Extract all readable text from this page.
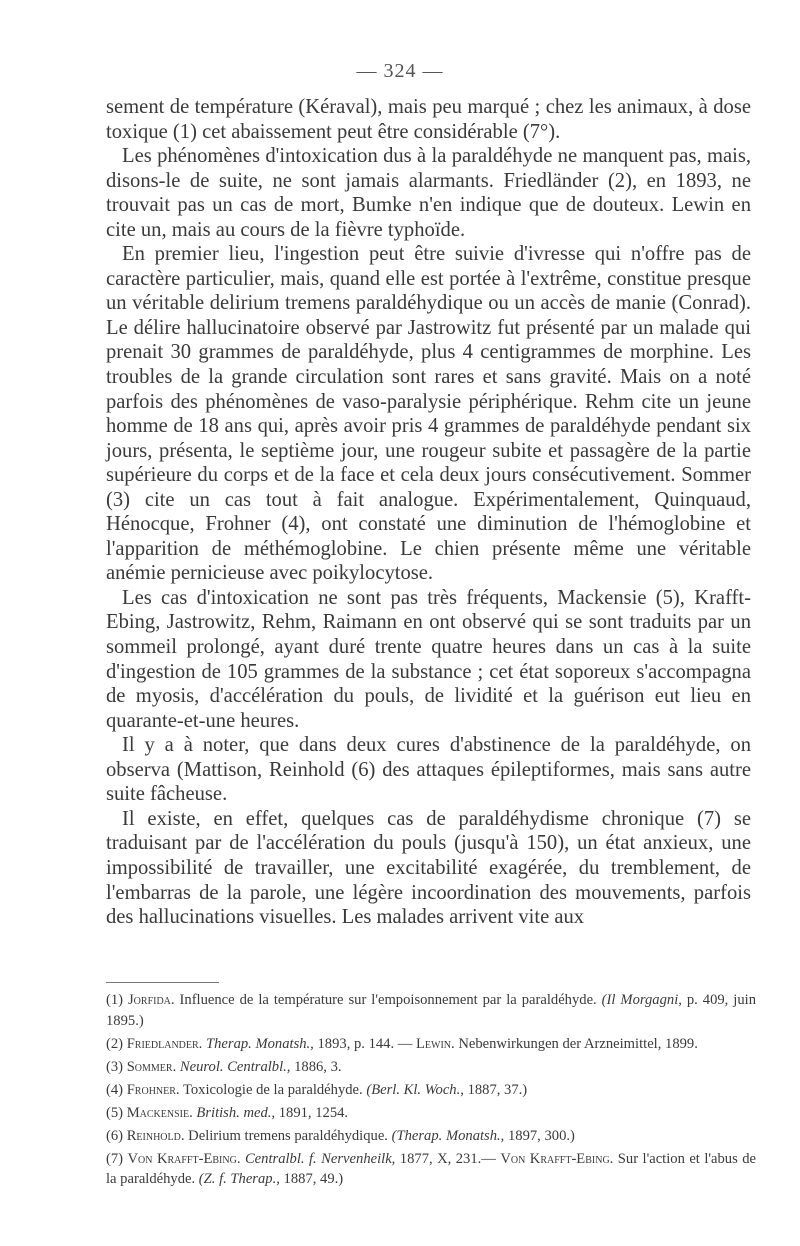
— 324 —

sement de température (Kéraval), mais peu marqué ; chez les animaux, à dose toxique (1) cet abaissement peut être considérable (7°).

Les phénomènes d'intoxication dus à la paraldéhyde ne manquent pas, mais, disons-le de suite, ne sont jamais alarmants. Friedländer (2), en 1893, ne trouvait pas un cas de mort, Bumke n'en indique que de douteux. Lewin en cite un, mais au cours de la fièvre typhoïde.

En premier lieu, l'ingestion peut être suivie d'ivresse qui n'offre pas de caractère particulier, mais, quand elle est portée à l'extrême, constitue presque un véritable delirium tremens paraldéhydique ou un accès de manie (Conrad). Le délire hallucinatoire observé par Jastrowitz fut présenté par un malade qui prenait 30 grammes de paraldéhyde, plus 4 centigrammes de morphine. Les troubles de la grande circulation sont rares et sans gravité. Mais on a noté parfois des phénomènes de vaso-paralysie périphérique. Rehm cite un jeune homme de 18 ans qui, après avoir pris 4 grammes de paraldéhyde pendant six jours, présenta, le septième jour, une rougeur subite et passagère de la partie supérieure du corps et de la face et cela deux jours consécutivement. Sommer (3) cite un cas tout à fait analogue. Expérimentalement, Quinquaud, Hénocque, Frohner (4), ont constaté une diminution de l'hémoglobine et l'apparition de méthémoglobine. Le chien présente même une véritable anémie pernicieuse avec poikylocytose.

Les cas d'intoxication ne sont pas très fréquents, Mackensie (5), Krafft-Ebing, Jastrowitz, Rehm, Raimann en ont observé qui se sont traduits par un sommeil prolongé, ayant duré trente quatre heures dans un cas à la suite d'ingestion de 105 grammes de la substance ; cet état soporeux s'accompagna de myosis, d'accélération du pouls, de lividité et la guérison eut lieu en quarante-et-une heures.

Il y a à noter, que dans deux cures d'abstinence de la paraldéhyde, on observa (Mattison, Reinhold (6) des attaques épileptiformes, mais sans autre suite fâcheuse.

Il existe, en effet, quelques cas de paraldéhydisme chronique (7) se traduisant par de l'accélération du pouls (jusqu'à 150), un état anxieux, une impossibilité de travailler, une excitabilité exagérée, du tremblement, de l'embarras de la parole, une légère incoordination des mouvements, parfois des hallucinations visuelles. Les malades arrivent vite aux

(1) Jorfida. Influence de la température sur l'empoisonnement par la paraldéhyde. (Il Morgagni, p. 409, juin 1895.)

(2) Friedlander. Therap. Monatsh., 1893, p. 144. — Lewin. Nebenwirkungen der Arzneimittel, 1899.

(3) Sommer. Neurol. Centralbl., 1886, 3.

(4) Frohner. Toxicologie de la paraldéhyde. (Berl. Kl. Woch., 1887, 37.)

(5) Mackensie. British. med., 1891, 1254.

(6) Reinhold. Delirium tremens paraldéhydique. (Therap. Monatsh., 1897, 300.)

(7) Von Krafft-Ebing. Centralbl. f. Nervenheilk, 1877, X, 231.— Von Krafft-Ebing. Sur l'action et l'abus de la paraldéhyde. (Z. f. Therap., 1887, 49.)
